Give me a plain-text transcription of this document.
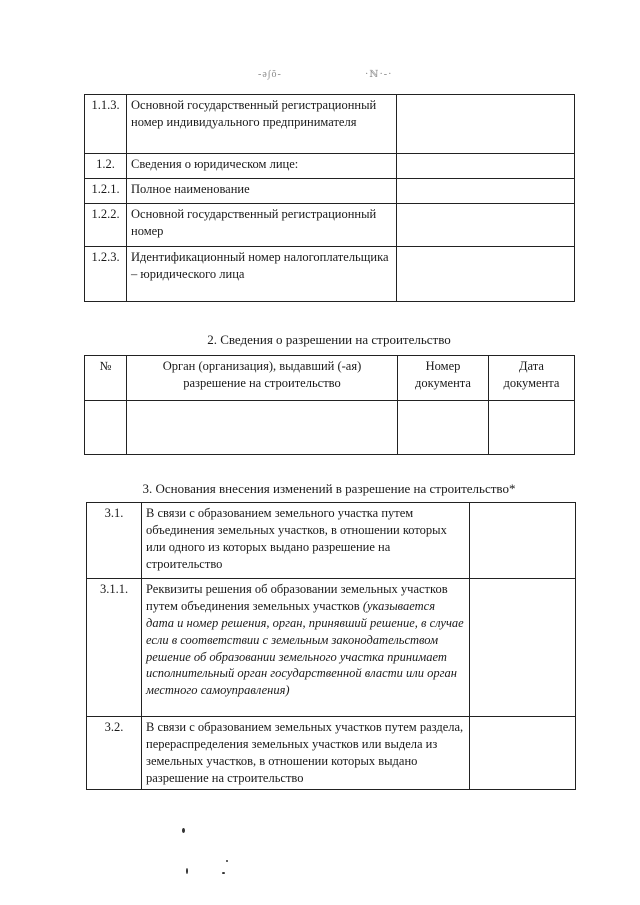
-ǝ∫ŏ-	·ℕ·-·
1.1.3.	Основной государственный регистрационный номер индивидуального предпринимателя	
1.2.	Сведения о юридическом лице:	
1.2.1.	Полное наименование	
1.2.2.	Основной государственный регистрационный номер	
1.2.3.	Идентификационный номер налогоплательщика – юридического лица	
2. Сведения о разрешении на строительство
№	Орган (организация), выдавший (-ая) разрешение на строительство	Номер документа	Дата документа

3. Основания внесения изменений в разрешение на строительство*
3.1.	В связи с образованием земельного участка путем объединения земельных участков, в отношении которых или одного из которых выдано разрешение на строительство	
3.1.1.	Реквизиты решения об образовании земельных участков путем объединения земельных участков (указывается дата и номер решения, орган, принявший решение, в случае если в соответствии с земельным законодательством решение об образовании земельного участка принимает исполнительный орган государственной власти или орган местного самоуправления)	
3.2.	В связи с образованием земельных участков путем раздела, перераспределения земельных участков или выдела из земельных участков, в отношении которых выдано разрешение на строительство	
